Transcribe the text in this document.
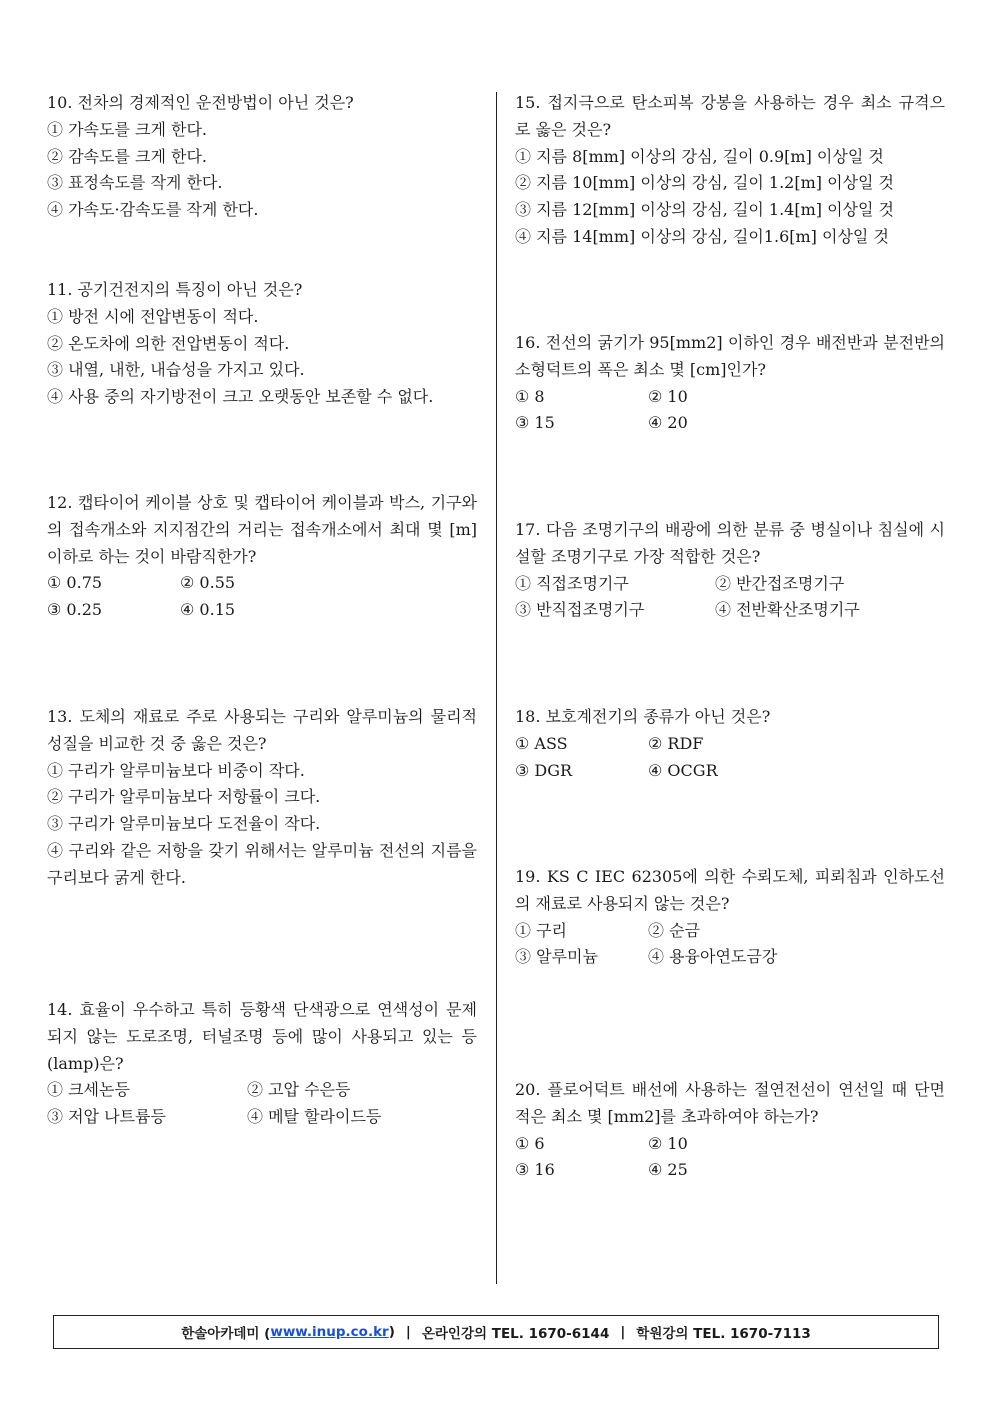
10. 전차의 경제적인 운전방법이 아닌 것은?
① 가속도를 크게 한다.
② 감속도를 크게 한다.
③ 표정속도를 작게 한다.
④ 가속도·감속도를 작게 한다.
11. 공기건전지의 특징이 아닌 것은?
① 방전 시에 전압변동이 적다.
② 온도차에 의한 전압변동이 적다.
③ 내열, 내한, 내습성을 가지고 있다.
④ 사용 중의 자기방전이 크고 오랫동안 보존할 수 없다.
12. 캡타이어 케이블 상호 및 캡타이어 케이블과 박스, 기구와의 접속개소와 지지점간의 거리는 접속개소에서 최대 몇 [m] 이하로 하는 것이 바람직한가?
① 0.75	② 0.55
③ 0.25	④ 0.15
13. 도체의 재료로 주로 사용되는 구리와 알루미늄의 물리적 성질을 비교한 것 중 옳은 것은?
① 구리가 알루미늄보다 비중이 작다.
② 구리가 알루미늄보다 저항률이 크다.
③ 구리가 알루미늄보다 도전율이 작다.
④ 구리와 같은 저항을 갖기 위해서는 알루미늄 전선의 지름을 구리보다 굵게 한다.
14. 효율이 우수하고 특히 등황색 단색광으로 연색성이 문제되지 않는 도로조명, 터널조명 등에 많이 사용되고 있는 등(lamp)은?
① 크세논등	② 고압 수은등
③ 저압 나트륨등	④ 메탈 할라이드등
15. 접지극으로 탄소피복 강봉을 사용하는 경우 최소 규격으로 옳은 것은?
① 지름 8[mm] 이상의 강심, 길이 0.9[m] 이상일 것
② 지름 10[mm] 이상의 강심, 길이 1.2[m] 이상일 것
③ 지름 12[mm] 이상의 강심, 길이 1.4[m] 이상일 것
④ 지름 14[mm] 이상의 강심, 길이1.6[m] 이상일 것
16. 전선의 굵기가 95[mm2] 이하인 경우 배전반과 분전반의 소형덕트의 폭은 최소 몇 [cm]인가?
① 8	② 10
③ 15	④ 20
17. 다음 조명기구의 배광에 의한 분류 중 병실이나 침실에 시설할 조명기구로 가장 적합한 것은?
① 직접조명기구	② 반간접조명기구
③ 반직접조명기구	④ 전반확산조명기구
18. 보호계전기의 종류가 아닌 것은?
① ASS	② RDF
③ DGR	④ OCGR
19. KS C IEC 62305에 의한 수뢰도체, 피뢰침과 인하도선의 재료로 사용되지 않는 것은?
① 구리	② 순금
③ 알루미늄	④ 용융아연도금강
20. 플로어덕트 배선에 사용하는 절연전선이 연선일 때 단면적은 최소 몇 [mm2]를 초과하여야 하는가?
① 6	② 10
③ 16	④ 25
한솔아카데미 ( www.inup.co.kr ) | 온라인강의 TEL. 1670-6144 | 학원강의 TEL. 1670-7113
